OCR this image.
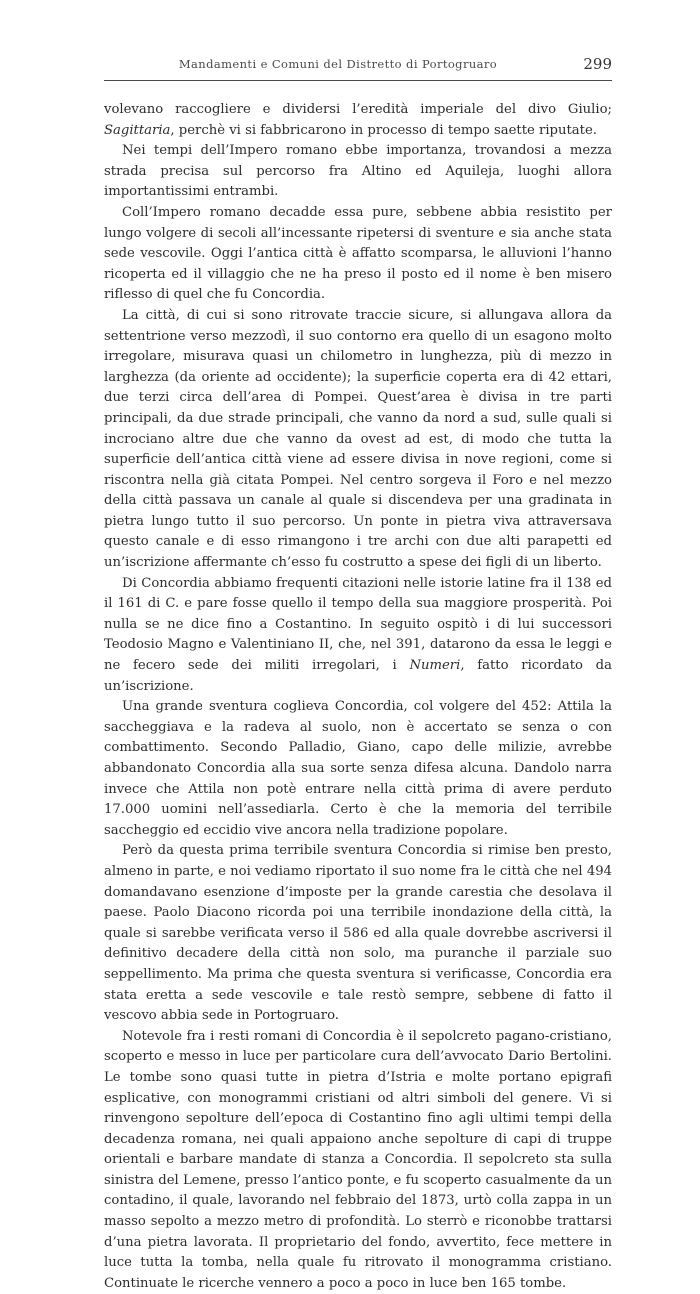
Mandamenti e Comuni del Distretto di Portogruaro	299

volevano raccogliere e dividersi l’eredità imperiale del divo Giulio; Sagittaria, perchè vi si fabbricarono in processo di tempo saette riputate.

Nei tempi dell’Impero romano ebbe importanza, trovandosi a mezza strada precisa sul percorso fra Altino ed Aquileja, luoghi allora importantissimi entrambi.

Coll’Impero romano decadde essa pure, sebbene abbia resistito per lungo volgere di secoli all’incessante ripetersi di sventure e sia anche stata sede vescovile. Oggi l’antica città è affatto scomparsa, le alluvioni l’hanno ricoperta ed il villaggio che ne ha preso il posto ed il nome è ben misero riflesso di quel che fu Concordia.

La città, di cui si sono ritrovate traccie sicure, si allungava allora da settentrione verso mezzodì, il suo contorno era quello di un esagono molto irregolare, misurava quasi un chilometro in lunghezza, più di mezzo in larghezza (da oriente ad occidente); la superficie coperta era di 42 ettari, due terzi circa dell’area di Pompei. Quest’area è divisa in tre parti principali, da due strade principali, che vanno da nord a sud, sulle quali si incrociano altre due che vanno da ovest ad est, di modo che tutta la superficie dell’antica città viene ad essere divisa in nove regioni, come si riscontra nella già citata Pompei. Nel centro sorgeva il Foro e nel mezzo della città passava un canale al quale si discendeva per una gradinata in pietra lungo tutto il suo percorso. Un ponte in pietra viva attraversava questo canale e di esso rimangono i tre archi con due alti parapetti ed un’iscrizione affermante ch’esso fu costrutto a spese dei figli di un liberto.

Di Concordia abbiamo frequenti citazioni nelle istorie latine fra il 138 ed il 161 di C. e pare fosse quello il tempo della sua maggiore prosperità. Poi nulla se ne dice fino a Costantino. In seguito ospitò i di lui successori Teodosio Magno e Valentiniano II, che, nel 391, datarono da essa le leggi e ne fecero sede dei militi irregolari, i Numeri, fatto ricordato da un’iscrizione.

Una grande sventura coglieva Concordia, col volgere del 452: Attila la saccheggiava e la radeva al suolo, non è accertato se senza o con combattimento. Secondo Palladio, Giano, capo delle milizie, avrebbe abbandonato Concordia alla sua sorte senza difesa alcuna. Dandolo narra invece che Attila non potè entrare nella città prima di avere perduto 17.000 uomini nell’assediarla. Certo è che la memoria del terribile saccheggio ed eccidio vive ancora nella tradizione popolare.

Però da questa prima terribile sventura Concordia si rimise ben presto, almeno in parte, e noi vediamo riportato il suo nome fra le città che nel 494 domandavano esenzione d’imposte per la grande carestia che desolava il paese. Paolo Diacono ricorda poi una terribile inondazione della città, la quale si sarebbe verificata verso il 586 ed alla quale dovrebbe ascriversi il definitivo decadere della città non solo, ma puranche il parziale suo seppellimento. Ma prima che questa sventura si verificasse, Concordia era stata eretta a sede vescovile e tale restò sempre, sebbene di fatto il vescovo abbia sede in Portogruaro.

Notevole fra i resti romani di Concordia è il sepolcreto pagano-cristiano, scoperto e messo in luce per particolare cura dell’avvocato Dario Bertolini. Le tombe sono quasi tutte in pietra d’Istria e molte portano epigrafi esplicative, con monogrammi cristiani od altri simboli del genere. Vi si rinvengono sepolture dell’epoca di Costantino fino agli ultimi tempi della decadenza romana, nei quali appaiono anche sepolture di capi di truppe orientali e barbare mandate di stanza a Concordia. Il sepolcreto sta sulla sinistra del Lemene, presso l’antico ponte, e fu scoperto casualmente da un contadino, il quale, lavorando nel febbraio del 1873, urtò colla zappa in un masso sepolto a mezzo metro di profondità. Lo sterrò e riconobbe trattarsi d’una pietra lavorata. Il proprietario del fondo, avvertito, fece mettere in luce tutta la tomba, nella quale fu ritrovato il monogramma cristiano. Continuate le ricerche vennero a poco a poco in luce ben 165 tombe.
